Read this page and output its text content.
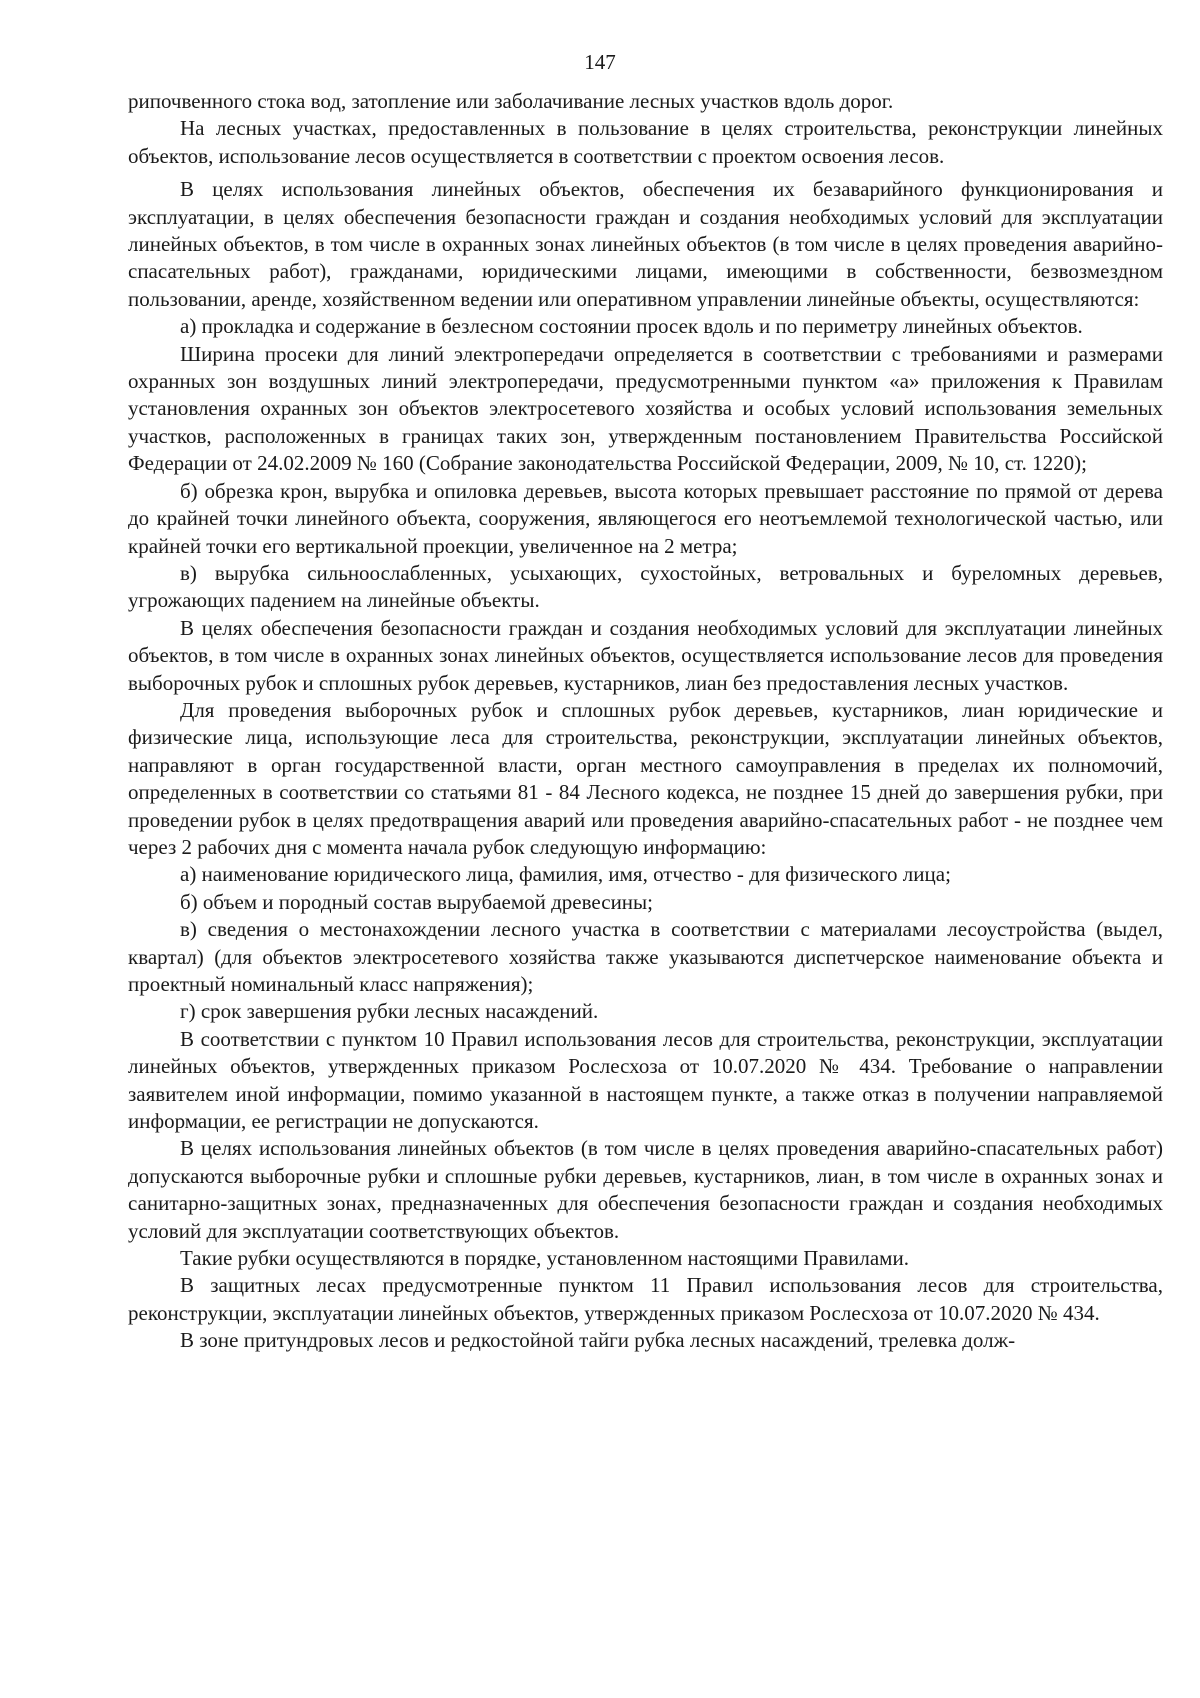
147

рипочвенного стока вод, затопление или заболачивание лесных участков вдоль дорог.

На лесных участках, предоставленных в пользование в целях строительства, реконструкции линейных объектов, использование лесов осуществляется в соответствии с проектом освоения лесов.

В целях использования линейных объектов, обеспечения их безаварийного функционирования и эксплуатации, в целях обеспечения безопасности граждан и создания необходимых условий для эксплуатации линейных объектов, в том числе в охранных зонах линейных объектов (в том числе в целях проведения аварийно-спасательных работ), гражданами, юридическими лицами, имеющими в собственности, безвозмездном пользовании, аренде, хозяйственном ведении или оперативном управлении линейные объекты, осуществляются:

а) прокладка и содержание в безлесном состоянии просек вдоль и по периметру линейных объектов.

Ширина просеки для линий электропередачи определяется в соответствии с требованиями и размерами охранных зон воздушных линий электропередачи, предусмотренными пунктом «а» приложения к Правилам установления охранных зон объектов электросетевого хозяйства и особых условий использования земельных участков, расположенных в границах таких зон, утвержденным постановлением Правительства Российской Федерации от 24.02.2009 № 160 (Собрание законодательства Российской Федерации, 2009, № 10, ст. 1220);

б) обрезка крон, вырубка и опиловка деревьев, высота которых превышает расстояние по прямой от дерева до крайней точки линейного объекта, сооружения, являющегося его неотъемлемой технологической частью, или крайней точки его вертикальной проекции, увеличенное на 2 метра;

в) вырубка сильноослабленных, усыхающих, сухостойных, ветровальных и буреломных деревьев, угрожающих падением на линейные объекты.

В целях обеспечения безопасности граждан и создания необходимых условий для эксплуатации линейных объектов, в том числе в охранных зонах линейных объектов, осуществляется использование лесов для проведения выборочных рубок и сплошных рубок деревьев, кустарников, лиан без предоставления лесных участков.

Для проведения выборочных рубок и сплошных рубок деревьев, кустарников, лиан юридические и физические лица, использующие леса для строительства, реконструкции, эксплуатации линейных объектов, направляют в орган государственной власти, орган местного самоуправления в пределах их полномочий, определенных в соответствии со статьями 81 - 84 Лесного кодекса, не позднее 15 дней до завершения рубки, при проведении рубок в целях предотвращения аварий или проведения аварийно-спасательных работ - не позднее чем через 2 рабочих дня с момента начала рубок следующую информацию:

а) наименование юридического лица, фамилия, имя, отчество - для физического лица;

б) объем и породный состав вырубаемой древесины;

в) сведения о местонахождении лесного участка в соответствии с материалами лесоустройства (выдел, квартал) (для объектов электросетевого хозяйства также указываются диспетчерское наименование объекта и проектный номинальный класс напряжения);

г) срок завершения рубки лесных насаждений.

В соответствии с пунктом 10 Правил использования лесов для строительства, реконструкции, эксплуатации линейных объектов, утвержденных приказом Рослесхоза от 10.07.2020 № 434. Требование о направлении заявителем иной информации, помимо указанной в настоящем пункте, а также отказ в получении направляемой информации, ее регистрации не допускаются.

В целях использования линейных объектов (в том числе в целях проведения аварийно-спасательных работ) допускаются выборочные рубки и сплошные рубки деревьев, кустарников, лиан, в том числе в охранных зонах и санитарно-защитных зонах, предназначенных для обеспечения безопасности граждан и создания необходимых условий для эксплуатации соответствующих объектов.

Такие рубки осуществляются в порядке, установленном настоящими Правилами.

В защитных лесах предусмотренные пунктом 11 Правил использования лесов для строительства, реконструкции, эксплуатации линейных объектов, утвержденных приказом Рослесхоза от 10.07.2020 № 434.

В зоне притундровых лесов и редкостойной тайги рубка лесных насаждений, трелевка долж-
